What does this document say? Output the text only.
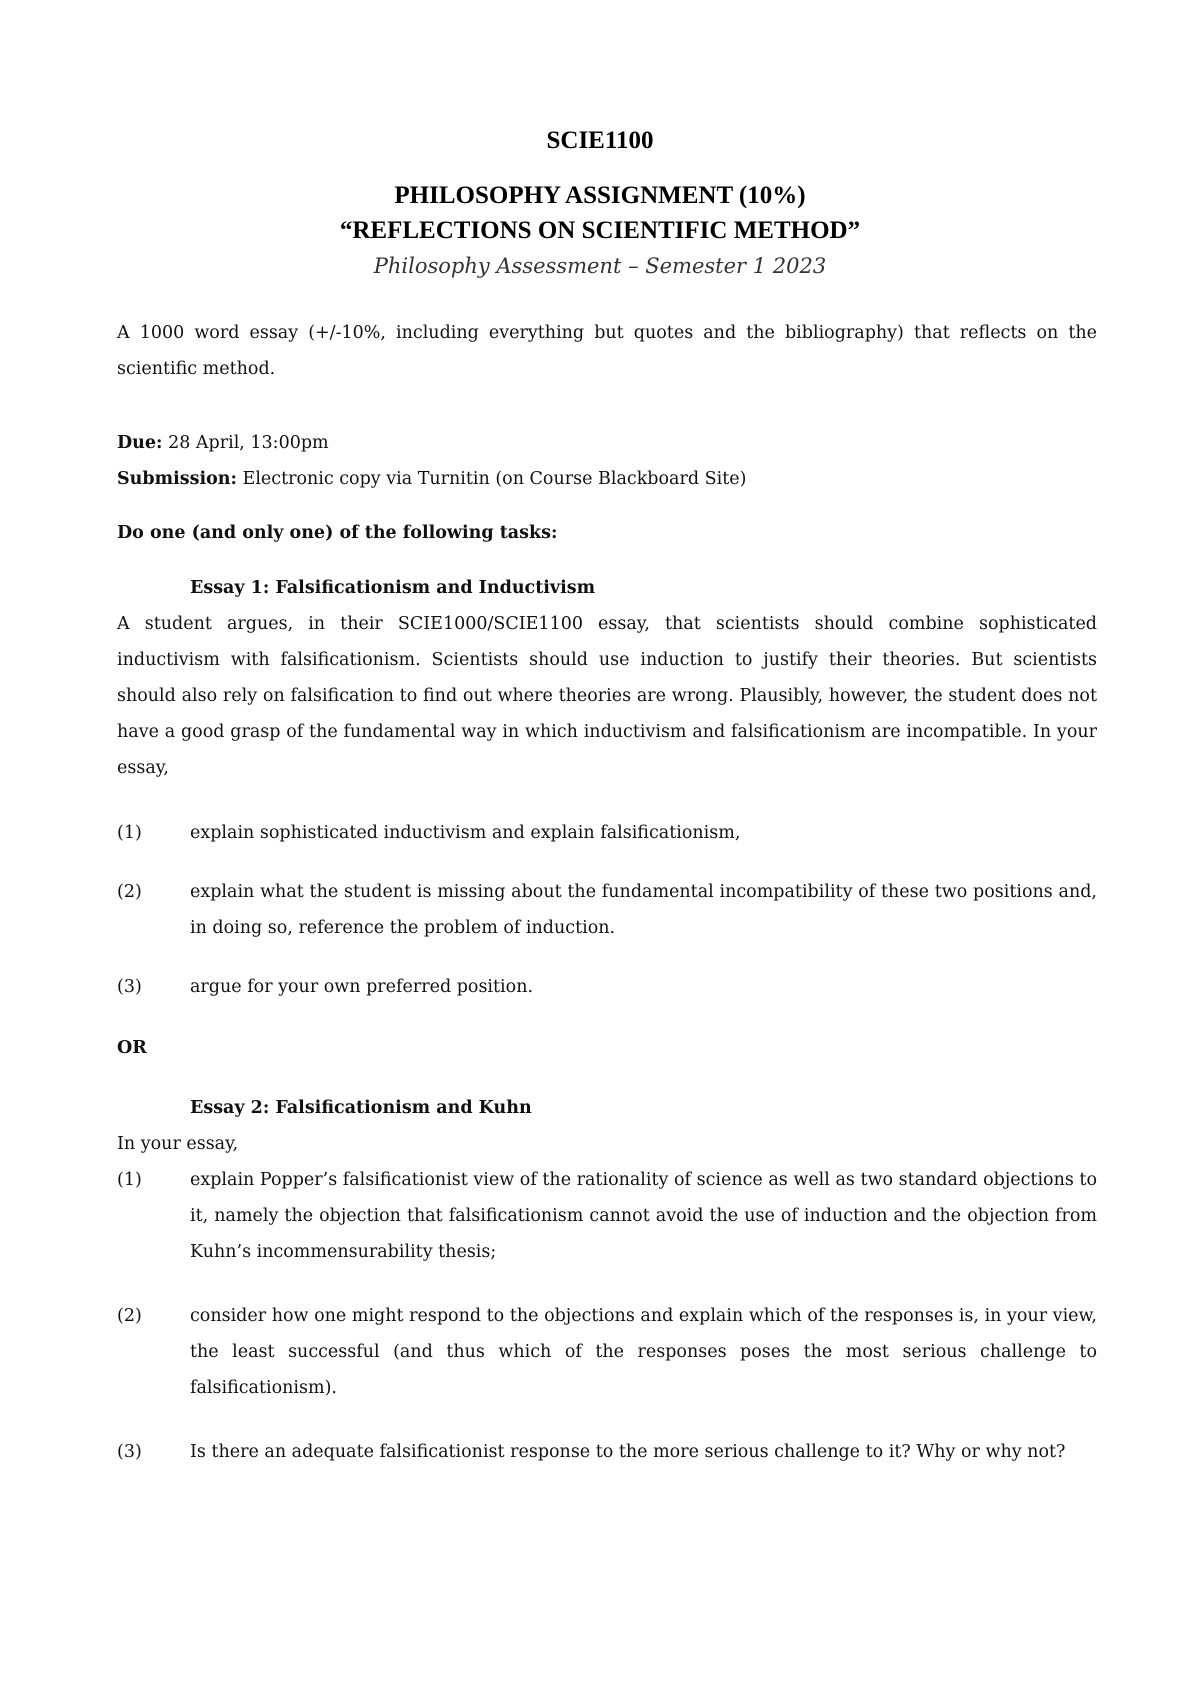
SCIE1100
PHILOSOPHY ASSIGNMENT (10%)
“REFLECTIONS ON SCIENTIFIC METHOD”
Philosophy Assessment – Semester 1 2023
A 1000 word essay (+/-10%, including everything but quotes and the bibliography) that reflects on the scientific method.
Due: 28 April, 13:00pm
Submission: Electronic copy via Turnitin (on Course Blackboard Site)
Do one (and only one) of the following tasks:
Essay 1: Falsificationism and Inductivism
A student argues, in their SCIE1000/SCIE1100 essay, that scientists should combine sophisticated inductivism with falsificationism. Scientists should use induction to justify their theories. But scientists should also rely on falsification to find out where theories are wrong. Plausibly, however, the student does not have a good grasp of the fundamental way in which inductivism and falsificationism are incompatible. In your essay,
(1)	explain sophisticated inductivism and explain falsificationism,
(2)	explain what the student is missing about the fundamental incompatibility of these two positions and, in doing so, reference the problem of induction.
(3)	argue for your own preferred position.
OR
Essay 2: Falsificationism and Kuhn
In your essay,
(1)	explain Popper’s falsificationist view of the rationality of science as well as two standard objections to it, namely the objection that falsificationism cannot avoid the use of induction and the objection from Kuhn’s incommensurability thesis;
(2)	consider how one might respond to the objections and explain which of the responses is, in your view, the least successful (and thus which of the responses poses the most serious challenge to falsificationism).
(3)	Is there an adequate falsificationist response to the more serious challenge to it? Why or why not?
